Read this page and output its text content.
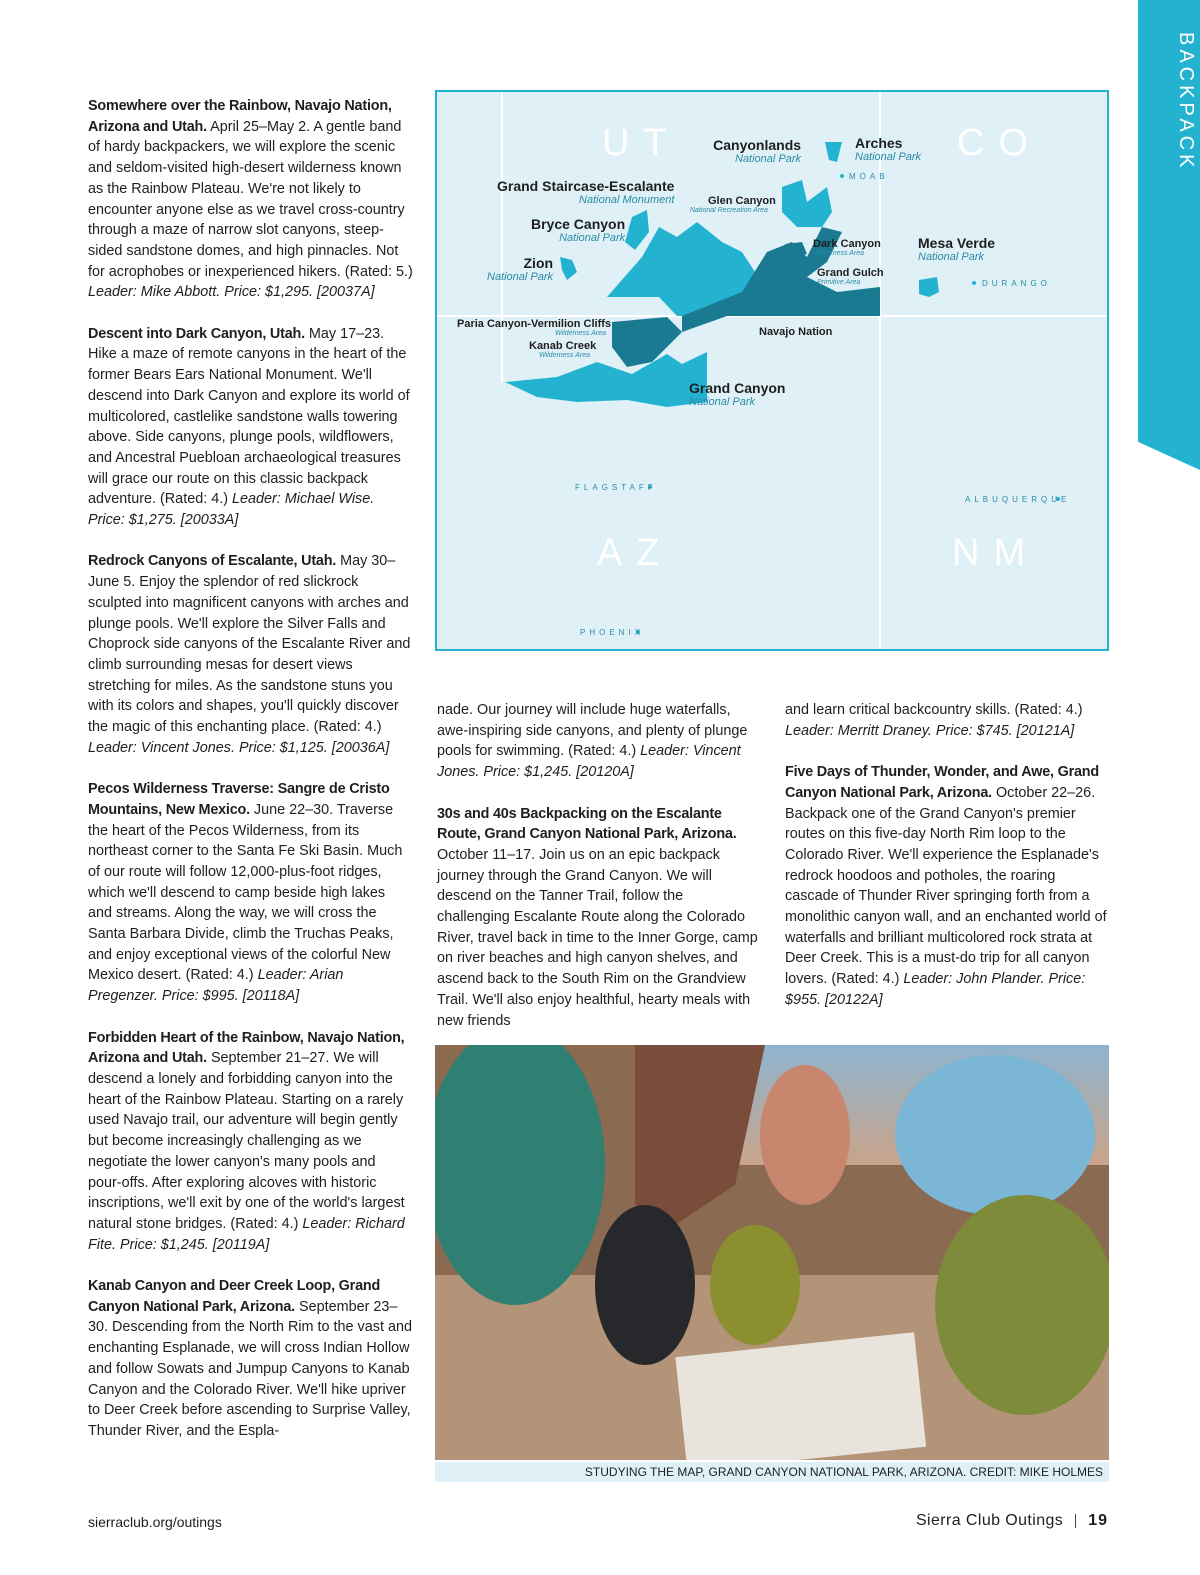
BACKPACK

Somewhere over the Rainbow, Navajo Nation, Arizona and Utah. April 25–May 2. A gentle band of hardy backpackers, we will explore the scenic and seldom-visited high-desert wilderness known as the Rainbow Plateau. We're not likely to encounter anyone else as we travel cross-country through a maze of narrow slot canyons, steep-sided sandstone domes, and high pinnacles. Not for acrophobes or inexperienced hikers. (Rated: 5.) Leader: Mike Abbott. Price: $1,295. [20037A]

Descent into Dark Canyon, Utah. May 17–23. Hike a maze of remote canyons in the heart of the former Bears Ears National Monument. We'll descend into Dark Canyon and explore its world of multicolored, castlelike sandstone walls towering above. Side canyons, plunge pools, wildflowers, and Ancestral Puebloan archaeological treasures will grace our route on this classic backpack adventure. (Rated: 4.) Leader: Michael Wise. Price: $1,275. [20033A]

Redrock Canyons of Escalante, Utah. May 30–June 5. Enjoy the splendor of red slickrock sculpted into magnificent canyons with arches and plunge pools. We'll explore the Silver Falls and Choprock side canyons of the Escalante River and climb surrounding mesas for desert views stretching for miles. As the sandstone stuns you with its colors and shapes, you'll quickly discover the magic of this enchanting place. (Rated: 4.) Leader: Vincent Jones. Price: $1,125. [20036A]

Pecos Wilderness Traverse: Sangre de Cristo Mountains, New Mexico. June 22–30. Traverse the heart of the Pecos Wilderness, from its northeast corner to the Santa Fe Ski Basin. Much of our route will follow 12,000-plus-foot ridges, which we'll descend to camp beside high lakes and streams. Along the way, we will cross the Santa Barbara Divide, climb the Truchas Peaks, and enjoy exceptional views of the colorful New Mexico desert. (Rated: 4.) Leader: Arian Pregenzer. Price: $995. [20118A]

Forbidden Heart of the Rainbow, Navajo Nation, Arizona and Utah. September 21–27. We will descend a lonely and forbidding canyon into the heart of the Rainbow Plateau. Starting on a rarely used Navajo trail, our adventure will begin gently but become increasingly challenging as we negotiate the lower canyon's many pools and pour-offs. After exploring alcoves with historic inscriptions, we'll exit by one of the world's largest natural stone bridges. (Rated: 4.) Leader: Richard Fite. Price: $1,245. [20119A]

Kanab Canyon and Deer Creek Loop, Grand Canyon National Park, Arizona. September 23–30. Descending from the North Rim to the vast and enchanting Esplanade, we will cross Indian Hollow and follow Sowats and Jumpup Canyons to Kanab Canyon and the Colorado River. We'll hike upriver to Deer Creek before ascending to Surprise Valley, Thunder River, and the Espla-

nade. Our journey will include huge waterfalls, awe-inspiring side canyons, and plenty of plunge pools for swimming. (Rated: 4.) Leader: Vincent Jones. Price: $1,245. [20120A]

30s and 40s Backpacking on the Escalante Route, Grand Canyon National Park, Arizona. October 11–17. Join us on an epic backpack journey through the Grand Canyon. We will descend on the Tanner Trail, follow the challenging Escalante Route along the Colorado River, travel back in time to the Inner Gorge, camp on river beaches and high canyon shelves, and ascend back to the South Rim on the Grandview Trail. We'll also enjoy healthful, hearty meals with new friends

and learn critical backcountry skills. (Rated: 4.) Leader: Merritt Draney. Price: $745. [20121A]

Five Days of Thunder, Wonder, and Awe, Grand Canyon National Park, Arizona. October 22–26. Backpack one of the Grand Canyon's premier routes on this five-day North Rim loop to the Colorado River. We'll experience the Esplanade's redrock hoodoos and potholes, the roaring cascade of Thunder River springing forth from a monolithic canyon wall, and an enchanted world of waterfalls and brilliant multicolored rock strata at Deer Creek. This is a must-do trip for all canyon lovers. (Rated: 4.) Leader: John Plander. Price: $955. [20122A]

UT	CO
AZ	NM
MOAB
DURANGO
FLAGSTAFF
ALBUQUERQUE
PHOENIX
Canyonlands
National Park
Arches
National Park
Grand Staircase-Escalante
National Monument	Glen Canyon
National Recreation Area
Bryce Canyon
National Park
Zion
National Park
Dark Canyon
Wilderness Area
Grand Gulch
Primitive Area
Mesa Verde
National Park
Paria Canyon-Vermilion Cliffs
Wilderness Area
Kanab Creek
Wilderness Area
Navajo Nation
Grand Canyon
National Park
STUDYING THE MAP, GRAND CANYON NATIONAL PARK, ARIZONA. CREDIT: MIKE HOLMES
sierraclub.org/outings	Sierra Club Outings 19
